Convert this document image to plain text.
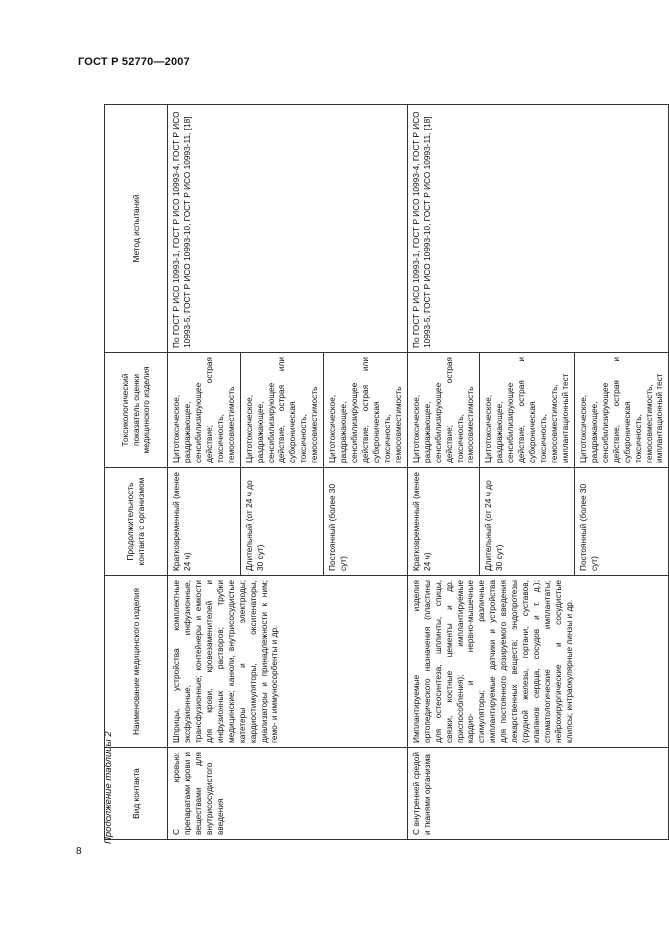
ГОСТ Р 52770—2007
Продолжение таблицы 2
8
Вид контакта	Наименование медицинского изделия	Продолжительность контакта с организмом	Токсикологический показатель оценки медицинского изделия	Метод испытаний
С кровью: препаратами крови и веществами для внутрисосудистого введения	Шприцы, устройства комплектные эксфузионные, инфузионные, трансфузионные; контейнеры и емкости для крови, кровезаменителей и инфузионных растворов; трубки медицинские; канюли, внутрисосудистые катетеры и электроды; кардиостимуляторы, оксигенаторы, диализаторы и принадлежности к ним; гемо- и иммуносорбенты и др.	Кратковременный (менее 24 ч)	Цитотоксическое, раздражающее, сенсибилизирующее действие; острая токсичность, гемосовместимость	По ГОСТ Р ИСО 10993-1, ГОСТ Р ИСО 10993-4, ГОСТ Р ИСО 10993-5, ГОСТ Р ИСО 10993-10, ГОСТ Р ИСО 10993-11, [18]
		Длительный (от 24 ч до 30 сут)	Цитотоксическое, раздражающее, сенсибилизирующее действие, острая или субхроническая токсичность, гемосовместимость	
		Постоянный (более 30 сут)	Цитотоксическое, раздражающее, сенсибилизирующее действие, острая или субхроническая токсичность, гемосовместимость	
С внутренней средой и тканями организма	Имплантируемые изделия ортопедического назначения (пластины для остеосинтеза, шплинты, спицы, связки, костные цементы и др. приспособления); имплантируемые кардио- и нервно-мышечные стимуляторы; различные имплантируемые датчики и устройства для постоянного дозируемого введения лекарственных веществ; эндопротезы (грудной железы, гортани, суставов, клапанов сердца, сосудов и т. д.); стоматологические имплантаты; нейрохирургические и сосудистые клипсы; интраокулярные линзы и др.	Кратковременный (менее 24 ч)	Цитотоксическое, раздражающее, сенсибилизирующее действие; острая токсичность, гемосовместимость	По ГОСТ Р ИСО 10993-1, ГОСТ Р ИСО 10993-4, ГОСТ Р ИСО 10993-5, ГОСТ Р ИСО 10993-10, ГОСТ Р ИСО 10993-11, [18]
		Длительный (от 24 ч до 30 сут)	Цитотоксическое, раздражающее, сенсибилизирующее действие, острая и субхроническая токсичность, гемосовместимость, имплантационный тест	
		Постоянный (более 30 сут)	Цитотоксическое, раздражающее, сенсибилизирующее действие, острая и субхроническая токсичность, гемосовместимость, имплантационный тест	
